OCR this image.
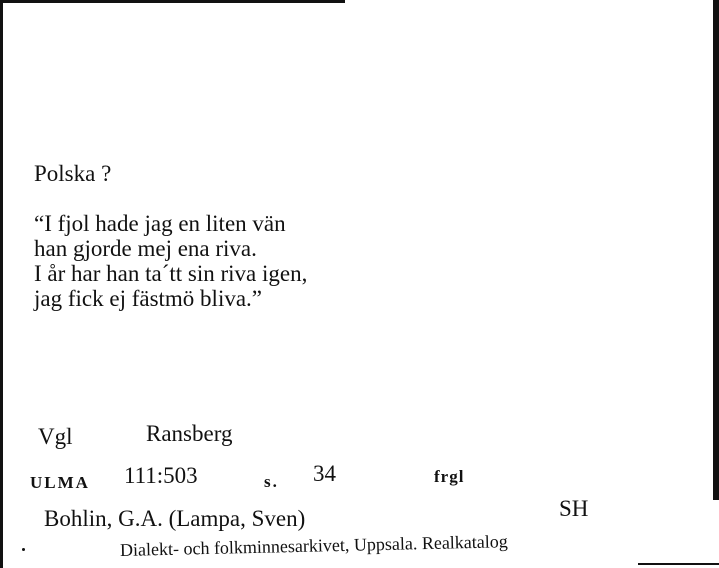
Polska ?
“I fjol hade jag en liten vän
han gjorde mej ena riva.
I år har han ta´tt sin riva igen,
jag fick ej fästmö bliva.”
Vgl	Ransberg
ULMA 111:503	s. 34	frgl
Bohlin, G.A. (Lampa, Sven)	SH
Dialekt- och folkminnesarkivet, Uppsala. Realkatalog
